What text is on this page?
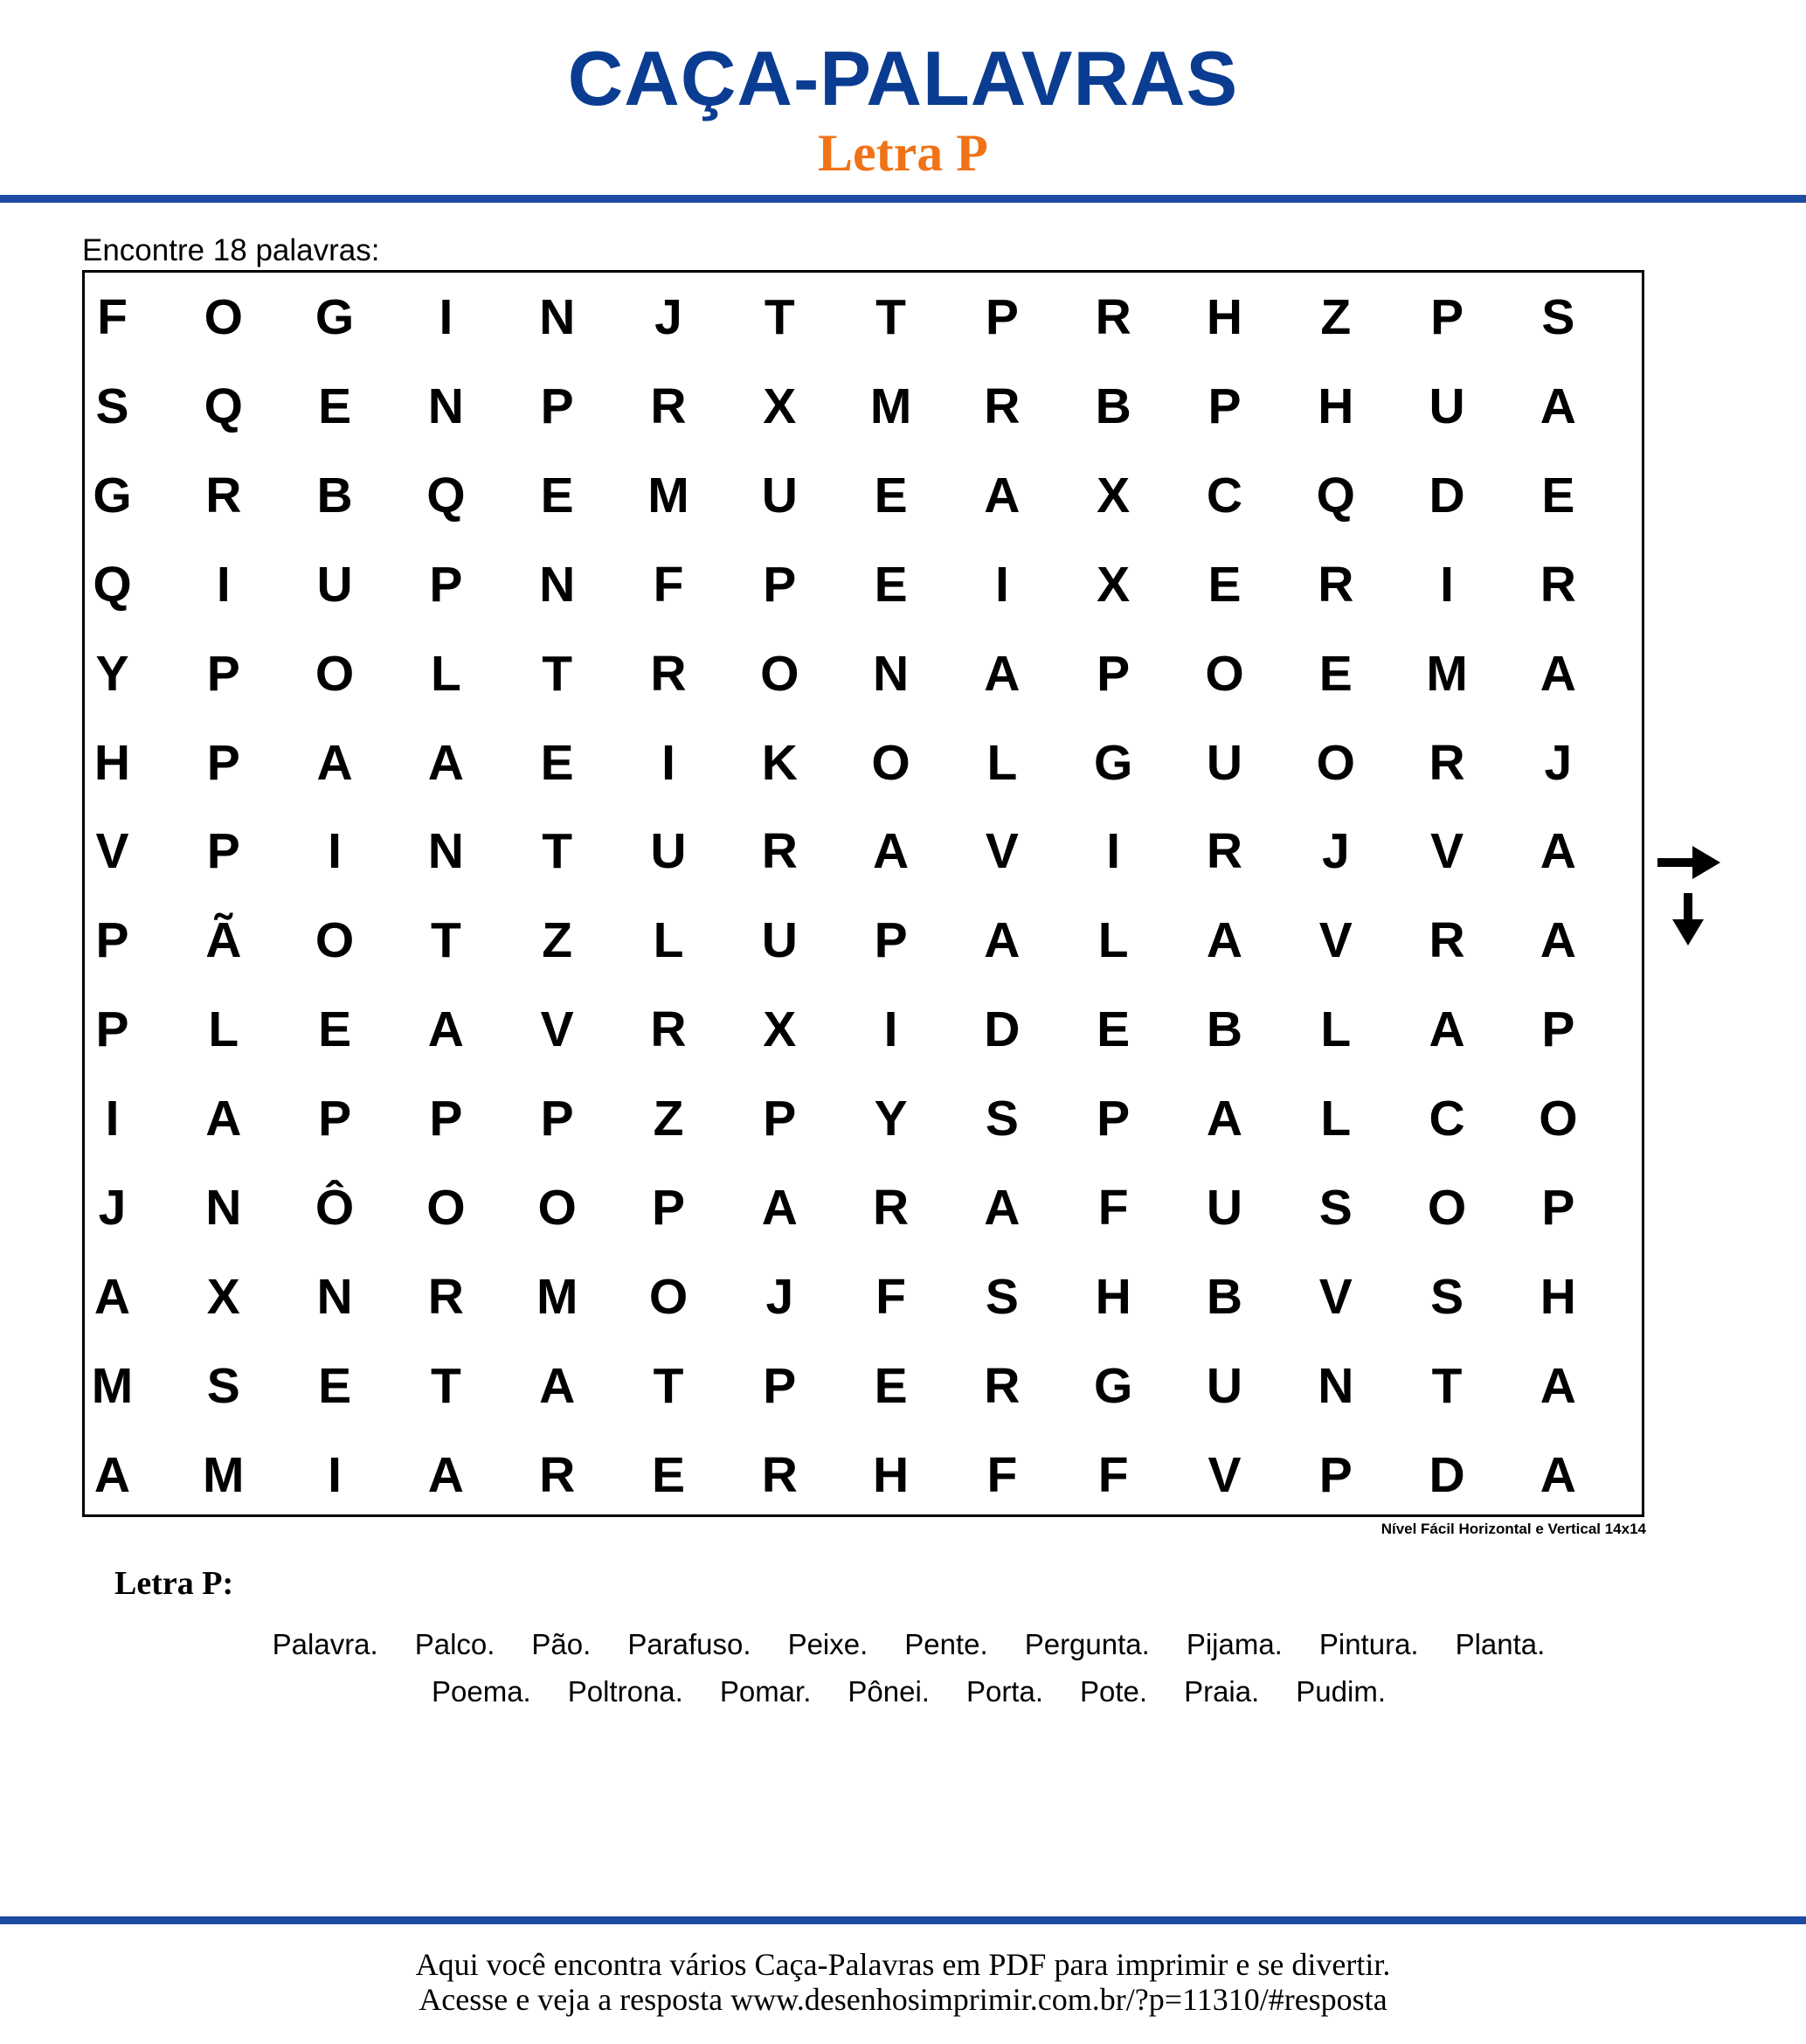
CAÇA-PALAVRAS
Letra P
Encontre 18 palavras:
F	O	G	I	N	J	T	T	P	R	H	Z	P	S
S	Q	E	N	P	R	X	M	R	B	P	H	U	A
G	R	B	Q	E	M	U	E	A	X	C	Q	D	E
Q	I	U	P	N	F	P	E	I	X	E	R	I	R
Y	P	O	L	T	R	O	N	A	P	O	E	M	A
H	P	A	A	E	I	K	O	L	G	U	O	R	J
V	P	I	N	T	U	R	A	V	I	R	J	V	A
P	Ã	O	T	Z	L	U	P	A	L	A	V	R	A
P	L	E	A	V	R	X	I	D	E	B	L	A	P
I	A	P	P	P	Z	P	Y	S	P	A	L	C	O
J	N	Ô	O	O	P	A	R	A	F	U	S	O	P
A	X	N	R	M	O	J	F	S	H	B	V	S	H
M	S	E	T	A	T	P	E	R	G	U	N	T	A
A	M	I	A	R	E	R	H	F	F	V	P	D	A
Nível Fácil Horizontal e Vertical 14x14
Letra P:
Palavra. Palco. Pão. Parafuso. Peixe. Pente. Pergunta. Pijama. Pintura. Planta.
Poema. Poltrona. Pomar. Pônei. Porta. Pote. Praia. Pudim.
Aqui você encontra vários Caça-Palavras em PDF para imprimir e se divertir.
Acesse e veja a resposta www.desenhosimprimir.com.br/?p=11310/#resposta
